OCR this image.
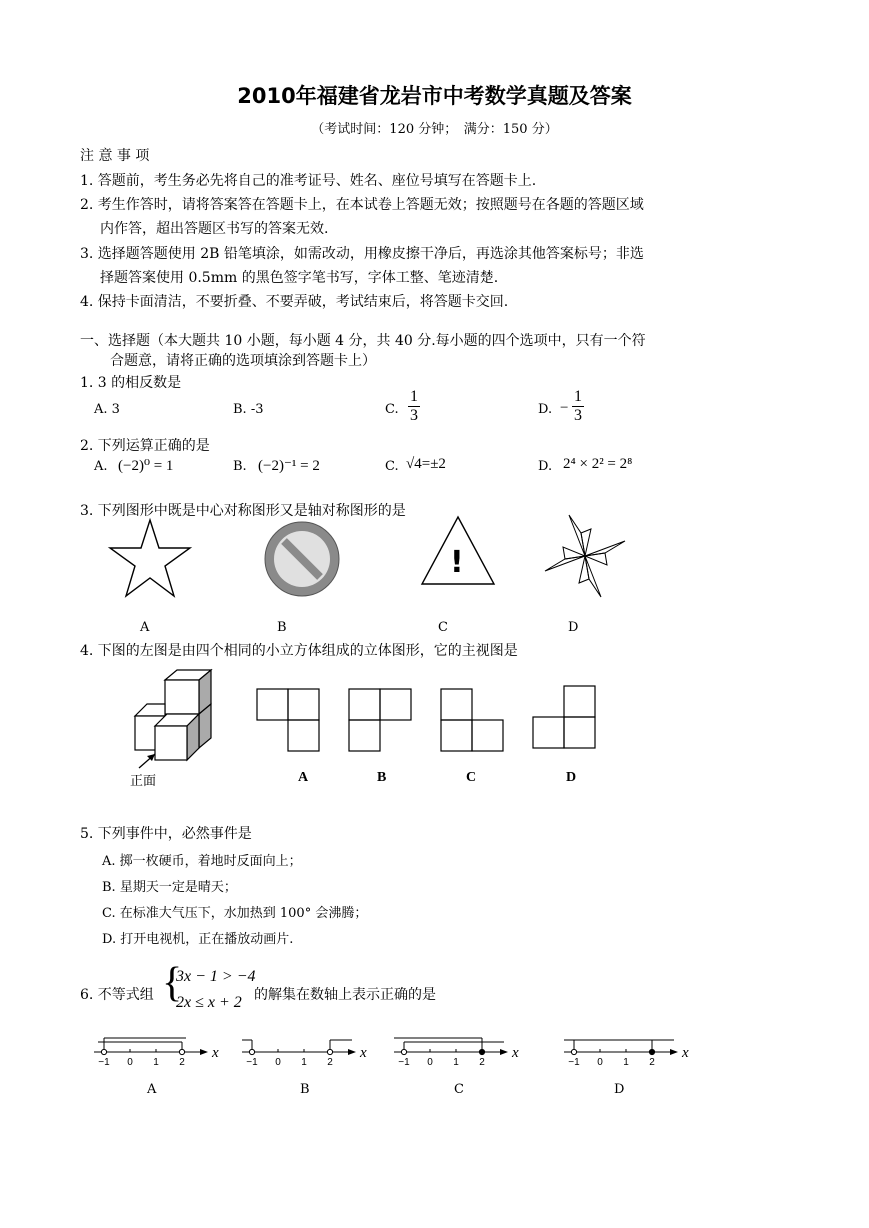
2010年福建省龙岩市中考数学真题及答案
（考试时间：120 分钟；　满分：150 分）
注 意 事 项
1. 答题前，考生务必先将自己的准考证号、姓名、座位号填写在答题卡上.
2. 考生作答时，请将答案答在答题卡上，在本试卷上答题无效；按照题号在各题的答题区域
内作答，超出答题区书写的答案无效.
3. 选择题答题使用 2B 铅笔填涂，如需改动，用橡皮擦干净后，再选涂其他答案标号；非选
择题答案使用 0.5mm 的黑色签字笔书写，字体工整、笔迹清楚.
4. 保持卡面清洁，不要折叠、不要弄破，考试结束后，将答题卡交回.
一、选择题（本大题共 10 小题，每小题 4 分，共 40 分.每小题的四个选项中，只有一个符
合题意，请将正确的选项填涂到答题卡上）
1. 3 的相反数是
A. 3	B. -3	C. $\frac{1}{3}$	D. − $\frac{1}{3}$
2. 下列运算正确的是
A. (−2)⁰ = 1	B. (−2)⁻¹ = 2	C. √4=±2	D. 2⁴ × 2² = 2⁸
3. 下列图形中既是中心对称图形又是轴对称图形的是
!
A	B	C	D
4. 下图的左图是由四个相同的小立方体组成的立体图形，它的主视图是
正面	A	B	C	D
5. 下列事件中，必然事件是
A. 掷一枚硬币，着地时反面向上；
B. 星期天一定是晴天；
C. 在标准大气压下，水加热到 100° 会沸腾；
D. 打开电视机，正在播放动画片.
6. 不等式组 {
3x − 1 > −4
2x ≤ x + 2 的解集在数轴上表示正确的是
−1 0 1 2
x
−1 0 1 2
x
−1 0 1 2
x
−1 0 1 2
x
A	B	C	D
